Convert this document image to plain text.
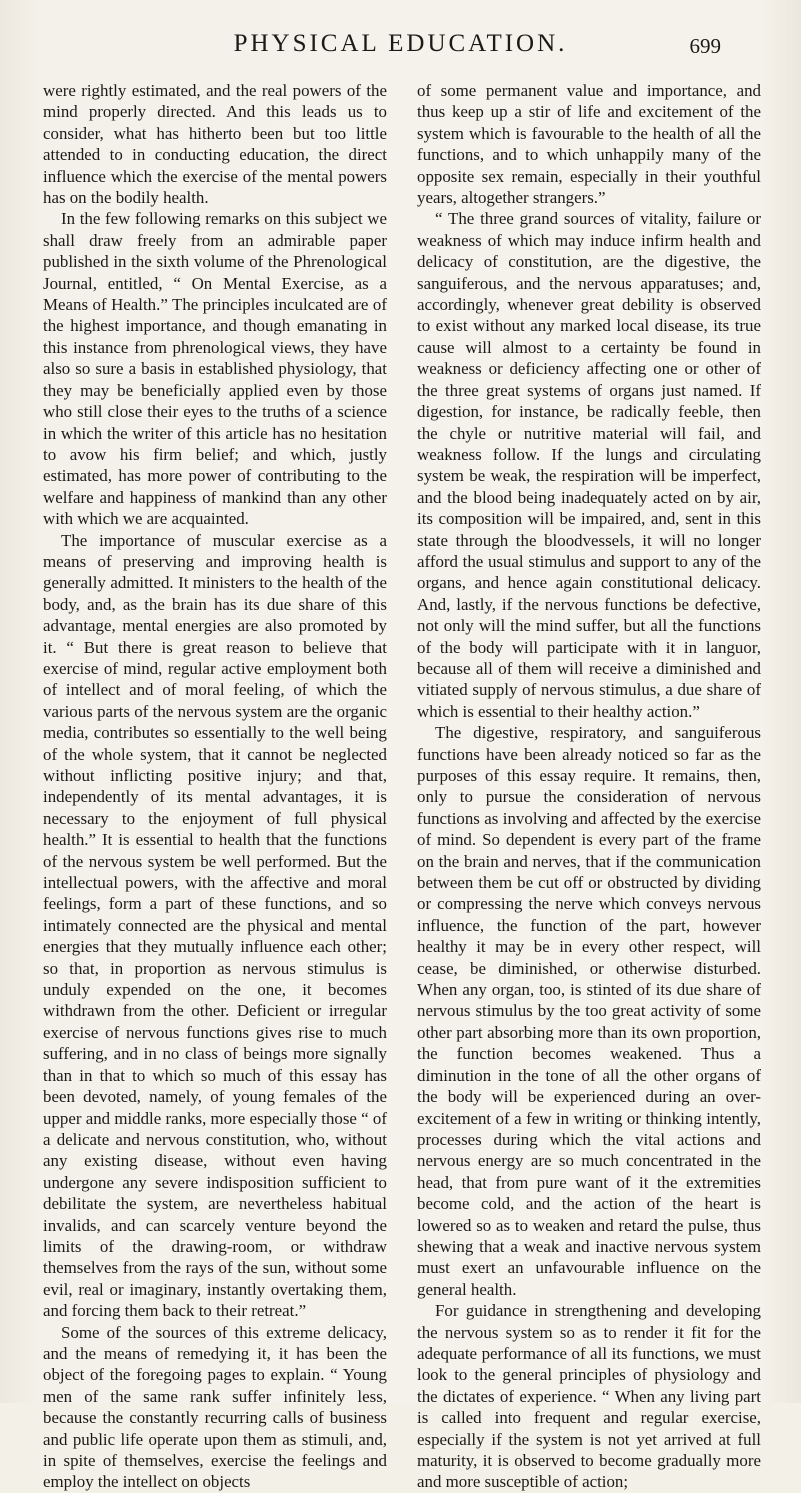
PHYSICAL EDUCATION.	699

were rightly estimated, and the real powers of the mind properly directed. And this leads us to consider, what has hitherto been but too little attended to in conducting education, the direct influence which the exercise of the mental powers has on the bodily health.

In the few following remarks on this subject we shall draw freely from an admirable paper published in the sixth volume of the Phrenological Journal, entitled, “ On Mental Exercise, as a Means of Health.” The principles inculcated are of the highest importance, and though emanating in this instance from phrenological views, they have also so sure a basis in established physiology, that they may be beneficially applied even by those who still close their eyes to the truths of a science in which the writer of this article has no hesitation to avow his firm belief; and which, justly estimated, has more power of contributing to the welfare and happiness of mankind than any other with which we are acquainted.

The importance of muscular exercise as a means of preserving and improving health is generally admitted. It ministers to the health of the body, and, as the brain has its due share of this advantage, mental energies are also promoted by it. “ But there is great reason to believe that exercise of mind, regular active employment both of intellect and of moral feeling, of which the various parts of the nervous system are the organic media, contributes so essentially to the well being of the whole system, that it cannot be neglected without inflicting positive injury; and that, independently of its mental advantages, it is necessary to the enjoyment of full physical health.” It is essential to health that the functions of the nervous system be well performed. But the intellectual powers, with the affective and moral feelings, form a part of these functions, and so intimately connected are the physical and mental energies that they mutually influence each other; so that, in proportion as nervous stimulus is unduly expended on the one, it becomes withdrawn from the other. Deficient or irregular exercise of nervous functions gives rise to much suffering, and in no class of beings more signally than in that to which so much of this essay has been devoted, namely, of young females of the upper and middle ranks, more especially those “ of a delicate and nervous constitution, who, without any existing disease, without even having undergone any severe indisposition sufficient to debilitate the system, are nevertheless habitual invalids, and can scarcely venture beyond the limits of the drawing-room, or withdraw themselves from the rays of the sun, without some evil, real or imaginary, instantly overtaking them, and forcing them back to their retreat.”

Some of the sources of this extreme delicacy, and the means of remedying it, it has been the object of the foregoing pages to explain. “ Young men of the same rank suffer infinitely less, because the constantly recurring calls of business and public life operate upon them as stimuli, and, in spite of themselves, exercise the feelings and employ the intellect on objects

of some permanent value and importance, and thus keep up a stir of life and excitement of the system which is favourable to the health of all the functions, and to which unhappily many of the opposite sex remain, especially in their youthful years, altogether strangers.”

“ The three grand sources of vitality, failure or weakness of which may induce infirm health and delicacy of constitution, are the digestive, the sanguiferous, and the nervous apparatuses; and, accordingly, whenever great debility is observed to exist without any marked local disease, its true cause will almost to a certainty be found in weakness or deficiency affecting one or other of the three great systems of organs just named. If digestion, for instance, be radically feeble, then the chyle or nutritive material will fail, and weakness follow. If the lungs and circulating system be weak, the respiration will be imperfect, and the blood being inadequately acted on by air, its composition will be impaired, and, sent in this state through the bloodvessels, it will no longer afford the usual stimulus and support to any of the organs, and hence again constitutional delicacy. And, lastly, if the nervous functions be defective, not only will the mind suffer, but all the functions of the body will participate with it in languor, because all of them will receive a diminished and vitiated supply of nervous stimulus, a due share of which is essential to their healthy action.”

The digestive, respiratory, and sanguiferous functions have been already noticed so far as the purposes of this essay require. It remains, then, only to pursue the consideration of nervous functions as involving and affected by the exercise of mind. So dependent is every part of the frame on the brain and nerves, that if the communication between them be cut off or obstructed by dividing or compressing the nerve which conveys nervous influence, the function of the part, however healthy it may be in every other respect, will cease, be diminished, or otherwise disturbed. When any organ, too, is stinted of its due share of nervous stimulus by the too great activity of some other part absorbing more than its own proportion, the function becomes weakened. Thus a diminution in the tone of all the other organs of the body will be experienced during an over-excitement of a few in writing or thinking intently, processes during which the vital actions and nervous energy are so much concentrated in the head, that from pure want of it the extremities become cold, and the action of the heart is lowered so as to weaken and retard the pulse, thus shewing that a weak and inactive nervous system must exert an unfavourable influence on the general health.

For guidance in strengthening and developing the nervous system so as to render it fit for the adequate performance of all its functions, we must look to the general principles of physiology and the dictates of experience. “ When any living part is called into frequent and regular exercise, especially if the system is not yet arrived at full maturity, it is observed to become gradually more and more susceptible of action;
